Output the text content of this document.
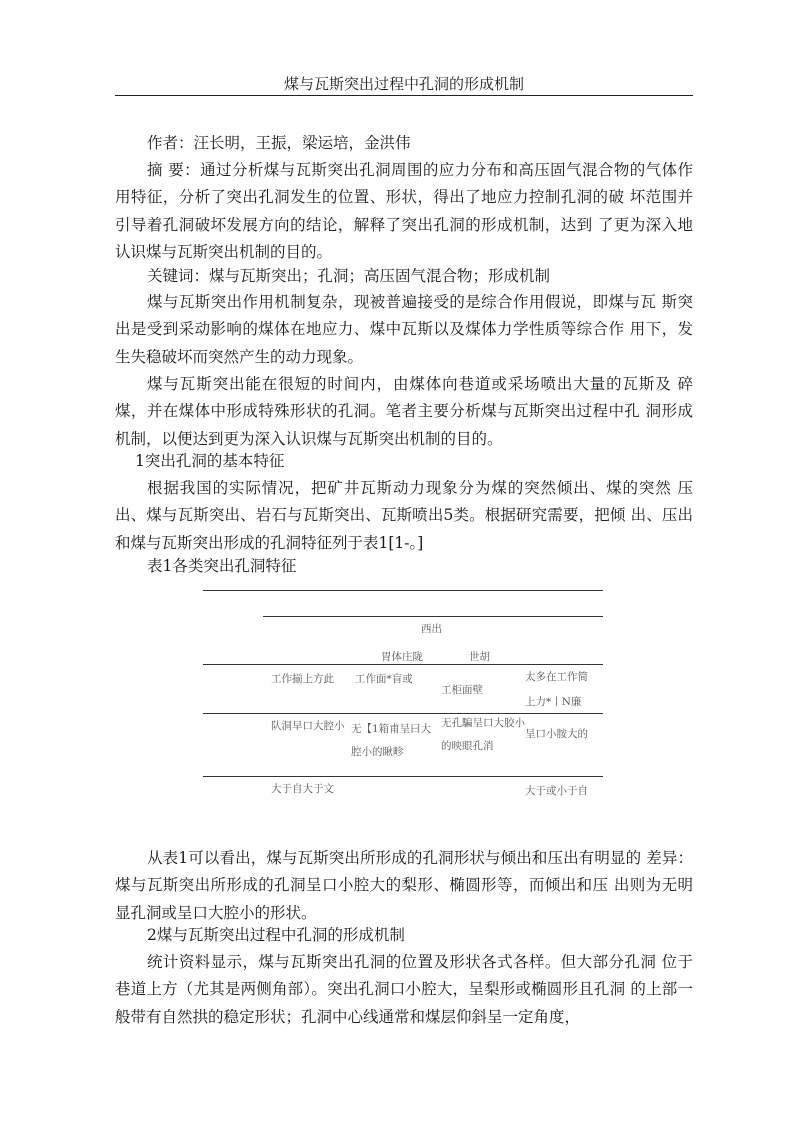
煤与瓦斯突出过程中孔洞的形成机制
作者：汪长明，王振，梁运培，金洪伟

摘 要：通过分析煤与瓦斯突出孔洞周围的应力分布和高压固气混合物的气体作用特征，分析了突出孔洞发生的位置、形状，得出了地应力控制孔洞的破 坏范围并引导着孔洞破坏发展方向的结论，解释了突出孔洞的形成机制，达到 了更为深入地认识煤与瓦斯突出机制的目的。

关键词：煤与瓦斯突出；孔洞；高压固气混合物；形成机制

煤与瓦斯突出作用机制复杂，现被普遍接受的是综合作用假说，即煤与瓦 斯突出是受到采动影响的煤体在地应力、煤中瓦斯以及煤体力学性质等综合作 用下，发生失稳破坏而突然产生的动力现象。

煤与瓦斯突出能在很短的时间内，由煤体向巷道或采场喷出大量的瓦斯及 碎煤，并在煤体中形成特殊形状的孔洞。笔者主要分析煤与瓦斯突出过程中孔 洞形成机制，以便达到更为深入认识煤与瓦斯突出机制的目的。

1突出孔洞的基本特征

根据我国的实际情况，把矿井瓦斯动力现象分为煤的突然倾出、煤的突然 压出、煤与瓦斯突出、岩石与瓦斯突出、瓦斯喷出5类。根据研究需要，把倾 出、压出和煤与瓦斯突出形成的孔洞特征列于表1[1-。]

表1各类突出孔洞特征
西出
胃体庄陇	世胡
工作揃上方此 工作面*盲或
工柜面壁
太多在工作简
上力*丨N廉
队洞早口大腔小 无【1箱甫呈曰大腔小的瞅畛
无孔騙呈口大胶小的映眼孔消
呈口小胺大的
大于自大于文	大于或小于自

从表1可以看出，煤与瓦斯突出所形成的孔洞形状与倾出和压出有明显的 差异：煤与瓦斯突出所形成的孔洞呈口小腔大的梨形、椭圆形等，而倾出和压 出则为无明显孔洞或呈口大腔小的形状。

2煤与瓦斯突出过程中孔洞的形成机制

统计资料显示，煤与瓦斯突出孔洞的位置及形状各式各样。但大部分孔洞 位于巷道上方（尤其是两侧角部）。突出孔洞口小腔大，呈梨形或椭圆形且孔洞 的上部一般带有自然拱的稳定形状；孔洞中心线通常和煤层仰斜呈一定角度，
